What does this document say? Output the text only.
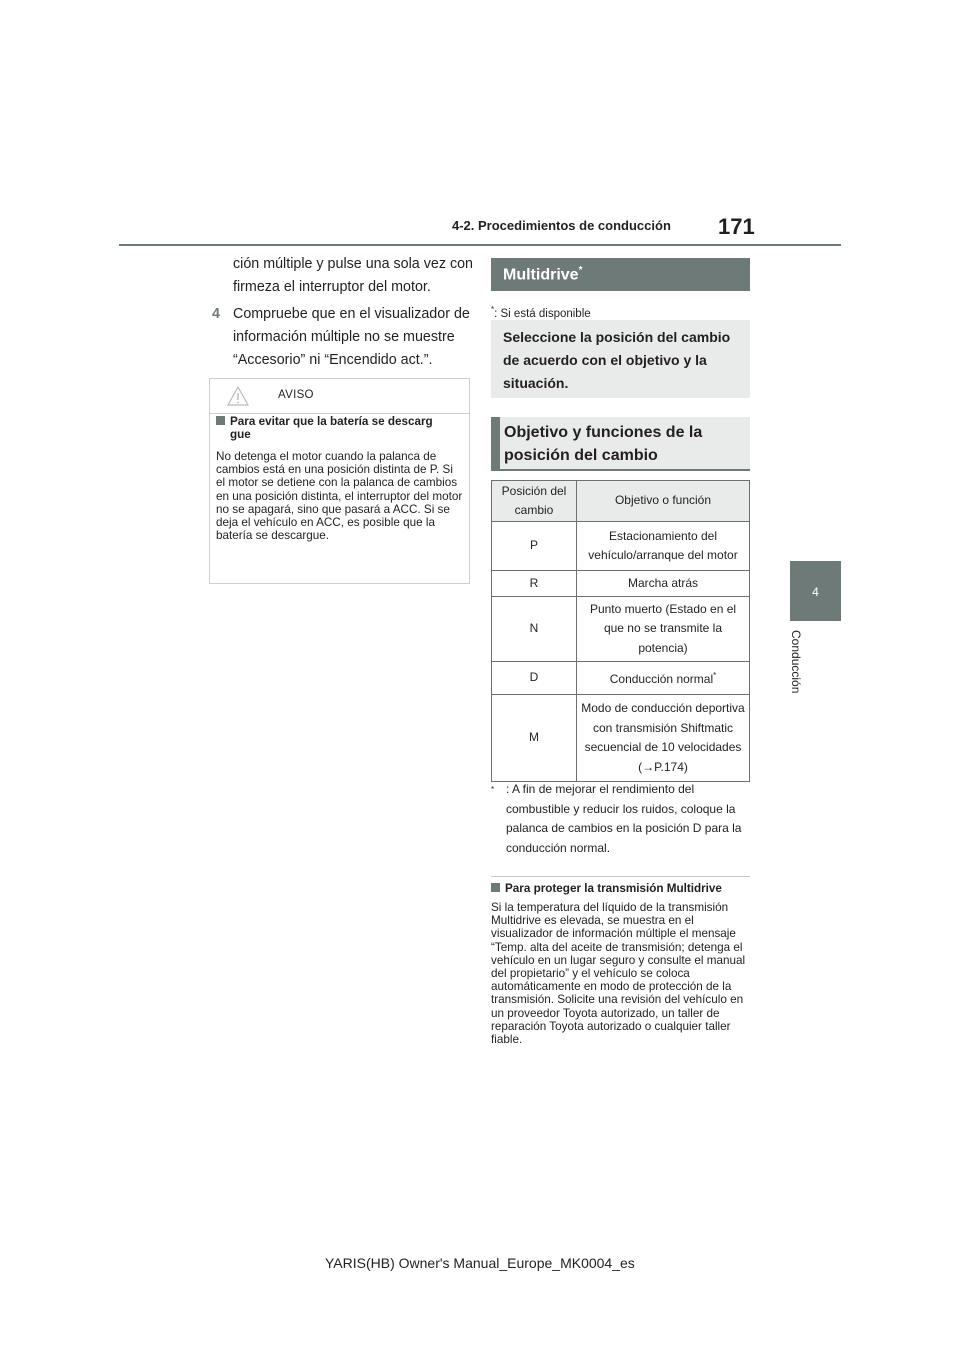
4-2. Procedimientos de conducción 171
4
Conducción
ción múltiple y pulse una sola vez con firmeza el interruptor del motor.
4 Compruebe que en el visualizador de información múltiple no se muestre “Accesorio” ni “Encendido act.”.
AVISO
Para evitar que la batería se descarg
gue
No detenga el motor cuando la palanca de cambios está en una posición distinta de P. Si el motor se detiene con la palanca de cambios en una posición distinta, el interruptor del motor no se apagará, sino que pasará a ACC. Si se deja el vehículo en ACC, es posible que la batería se descargue.
Multidrive*
*: Si está disponible
Seleccione la posición del cambio de acuerdo con el objetivo y la situación.
Objetivo y funciones de la posición del cambio
Posición del cambio	Objetivo o función
P	Estacionamiento del vehículo/arranque del motor
R	Marcha atrás
N	Punto muerto (Estado en el que no se transmite la potencia)
D	Conducción normal*
M	Modo de conducción deportiva con transmisión Shiftmatic secuencial de 10 velocidades (→P.174)
* : A fin de mejorar el rendimiento del combustible y reducir los ruidos, coloque la palanca de cambios en la posición D para la conducción normal.
Para proteger la transmisión Multidrive
Si la temperatura del líquido de la transmisión Multidrive es elevada, se muestra en el visualizador de información múltiple el mensaje “Temp. alta del aceite de transmisión; detenga el vehículo en un lugar seguro y consulte el manual del propietario” y el vehículo se coloca automáticamente en modo de protección de la transmisión. Solicite una revisión del vehículo en un proveedor Toyota autorizado, un taller de reparación Toyota autorizado o cualquier taller fiable.
YARIS(HB) Owner's Manual_Europe_MK0004_es
